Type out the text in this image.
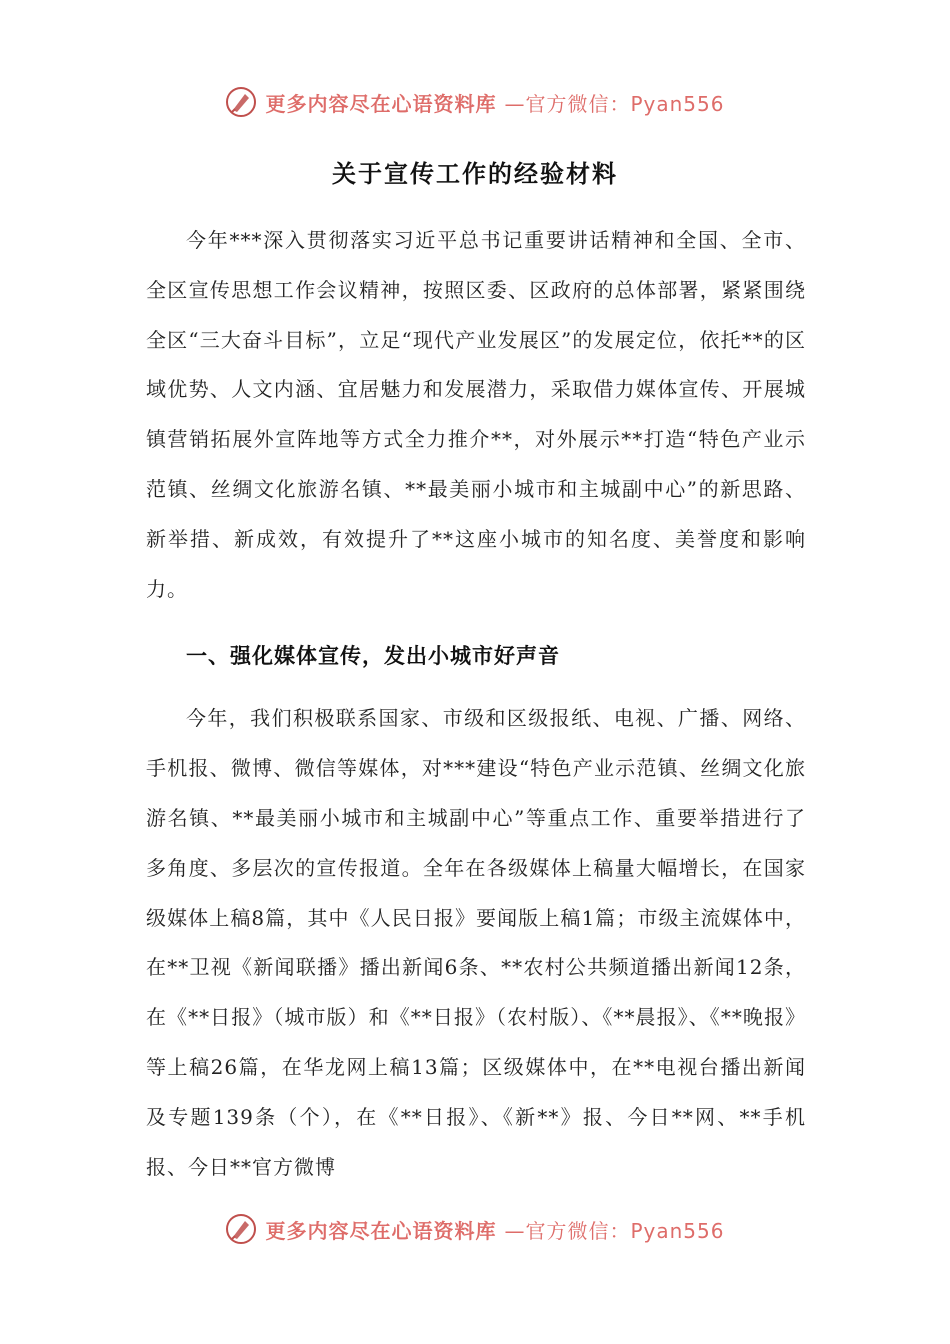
更多内容尽在心语资料库 —官方微信：Pyan556
关于宣传工作的经验材料

今年***深入贯彻落实习近平总书记重要讲话精神和全国、全市、全区宣传思想工作会议精神，按照区委、区政府的总体部署，紧紧围绕全区“三大奋斗目标”，立足“现代产业发展区”的发展定位，依托**的区域优势、人文内涵、宜居魅力和发展潜力，采取借力媒体宣传、开展城镇营销拓展外宣阵地等方式全力推介**，对外展示**打造“特色产业示范镇、丝绸文化旅游名镇、**最美丽小城市和主城副中心”的新思路、新举措、新成效，有效提升了**这座小城市的知名度、美誉度和影响力。

一、强化媒体宣传，发出小城市好声音

今年，我们积极联系国家、市级和区级报纸、电视、广播、网络、手机报、微博、微信等媒体，对***建设“特色产业示范镇、丝绸文化旅游名镇、**最美丽小城市和主城副中心”等重点工作、重要举措进行了多角度、多层次的宣传报道。全年在各级媒体上稿量大幅增长，在国家级媒体上稿8篇，其中《人民日报》要闻版上稿1篇；市级主流媒体中，在**卫视《新闻联播》播出新闻6条、**农村公共频道播出新闻12条，在《**日报》（城市版）和《**日报》（农村版）、《**晨报》、《**晚报》等上稿26篇，在华龙网上稿13篇；区级媒体中，在**电视台播出新闻及专题139条（个），在《**日报》、《新**》报、今日**网、**手机报、今日**官方微博

更多内容尽在心语资料库 —官方微信：Pyan556
